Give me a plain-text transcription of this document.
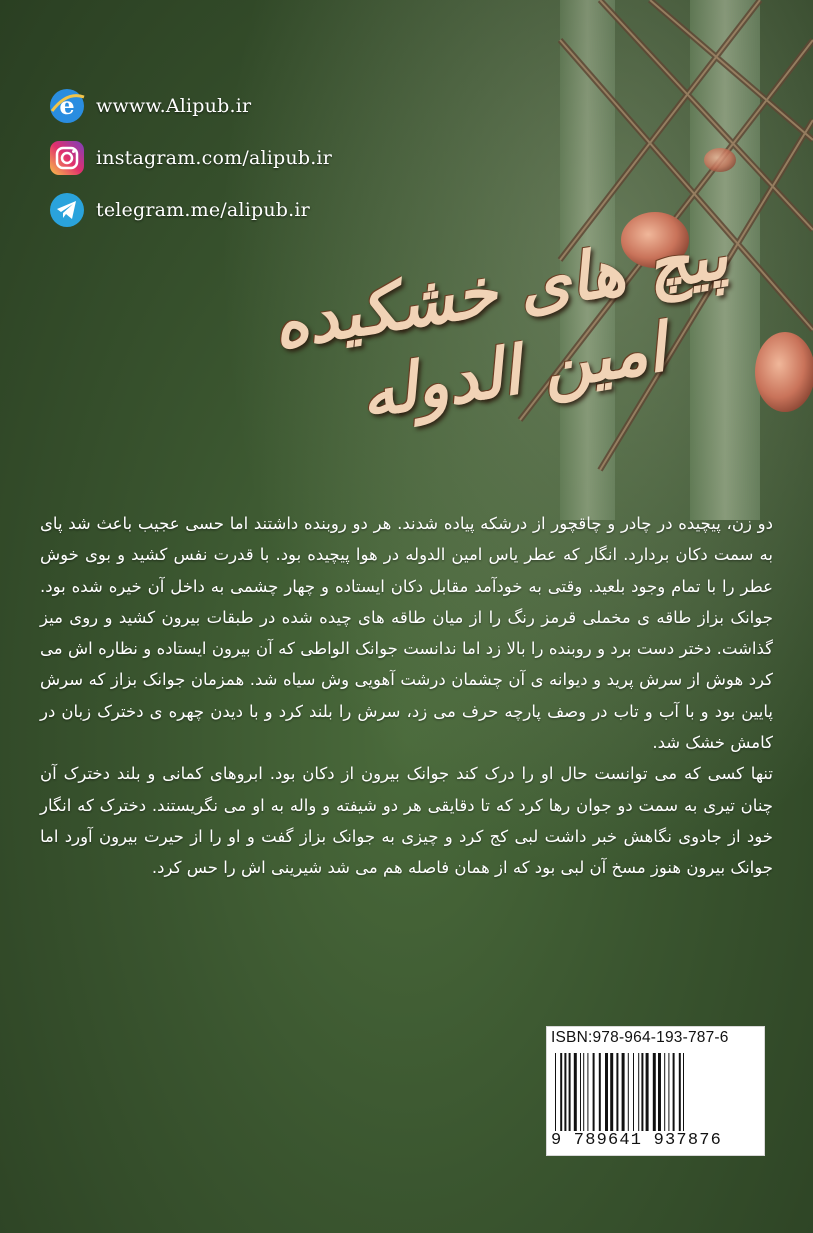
e wwww.Alipub.ir
instagram.com/alipub.ir
telegram.me/alipub.ir
پیچ های خشکیده امین الدوله

دو زن، پیچیده در چادر و چاقچور از درشکه پیاده شدند. هر دو روبنده داشتند اما حسی عجیب باعث شد پای به سمت دکان بردارد. انگار که عطر یاس امین الدوله در هوا پیچیده بود. با قدرت نفس کشید و بوی خوش عطر را با تمام وجود بلعید. وقتی به خودآمد مقابل دکان ایستاده و چهار چشمی به داخل آن خیره شده بود. جوانک بزاز طاقه ی مخملی قرمز رنگ را از میان طاقه های چیده شده در طبقات بیرون کشید و روی میز گذاشت. دختر دست برد و روبنده را بالا زد اما ندانست جوانک الواطی که آن بیرون ایستاده و نظاره اش می کرد هوش از سرش پرید و دیوانه ی آن چشمان درشت آهویی وش سیاه شد. همزمان جوانک بزاز که سرش پایین بود و با آب و تاب در وصف پارچه حرف می زد، سرش را بلند کرد و با دیدن چهره ی دخترک زبان در کامش خشک شد.

تنها کسی که می توانست حال او را درک کند جوانک بیرون از دکان بود. ابروهای کمانی و بلند دخترک آن چنان تیری به سمت دو جوان رها کرد که تا دقایقی هر دو شیفته و واله به او می نگریستند. دخترک که انگار خود از جادوی نگاهش خبر داشت لبی کج کرد و چیزی به جوانک بزاز گفت و او را از حیرت بیرون آورد اما جوانک بیرون هنوز مسخ آن لبی بود که از همان فاصله هم می شد شیرینی اش را حس کرد.

ISBN:978-964-193-787-6
9 789641 937876
